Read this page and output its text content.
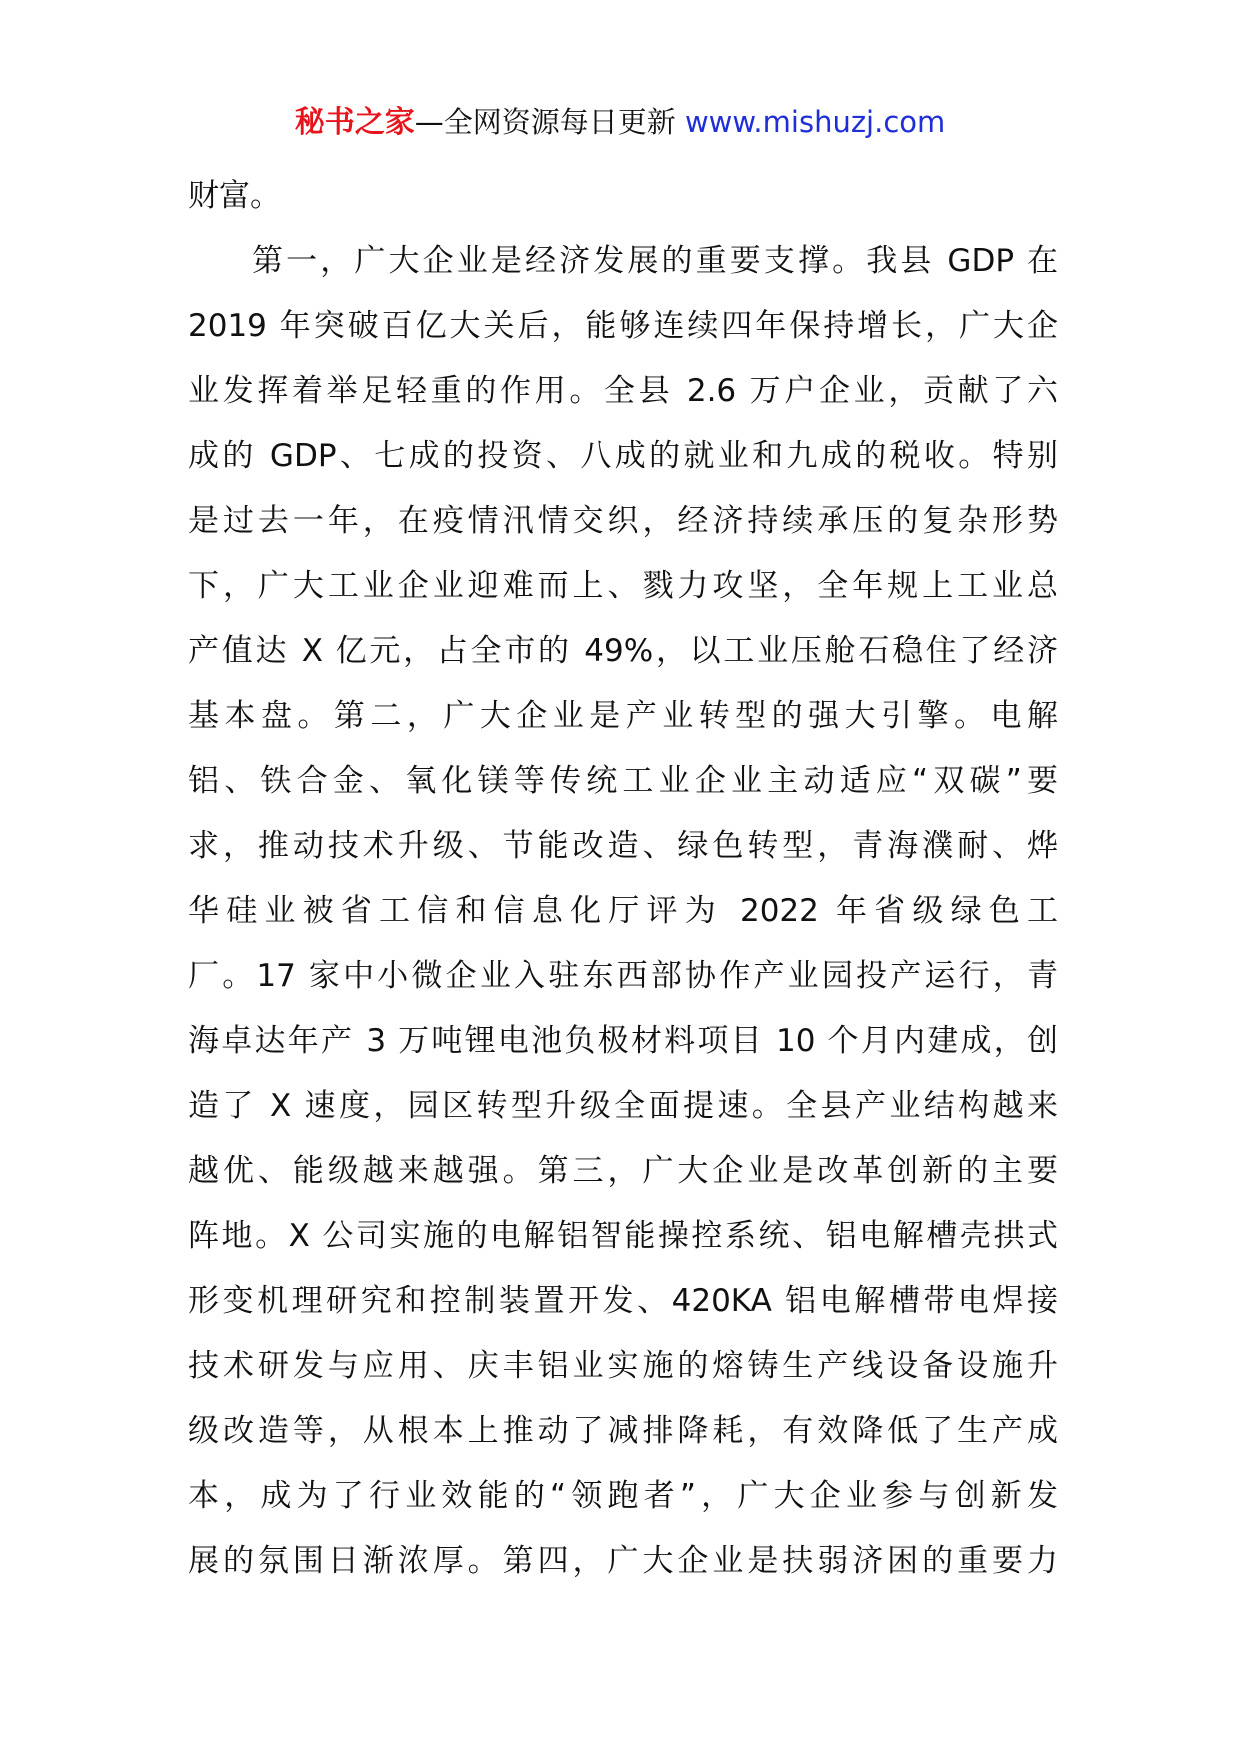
秘书之家—全网资源每日更新 www.mishuzj.com
财富。
第一，广大企业是经济发展的重要支撑。我县 GDP 在
2019 年突破百亿大关后，能够连续四年保持增长，广大企
业发挥着举足轻重的作用。全县 2.6 万户企业，贡献了六
成的 GDP、七成的投资、八成的就业和九成的税收。特别
是过去一年，在疫情汛情交织，经济持续承压的复杂形势
下，广大工业企业迎难而上、戮力攻坚，全年规上工业总
产值达 X 亿元，占全市的 49%，以工业压舱石稳住了经济
基本盘。第二，广大企业是产业转型的强大引擎。电解
铝、铁合金、氧化镁等传统工业企业主动适应“双碳”要
求，推动技术升级、节能改造、绿色转型，青海濮耐、烨
华硅业被省工信和信息化厅评为 2022 年省级绿色工
厂。17 家中小微企业入驻东西部协作产业园投产运行，青
海卓达年产 3 万吨锂电池负极材料项目 10 个月内建成，创
造了 X 速度，园区转型升级全面提速。全县产业结构越来
越优、能级越来越强。第三，广大企业是改革创新的主要
阵地。X 公司实施的电解铝智能操控系统、铝电解槽壳拱式
形变机理研究和控制装置开发、420KA 铝电解槽带电焊接
技术研发与应用、庆丰铝业实施的熔铸生产线设备设施升
级改造等，从根本上推动了减排降耗，有效降低了生产成
本，成为了行业效能的“领跑者”，广大企业参与创新发
展的氛围日渐浓厚。第四，广大企业是扶弱济困的重要力
